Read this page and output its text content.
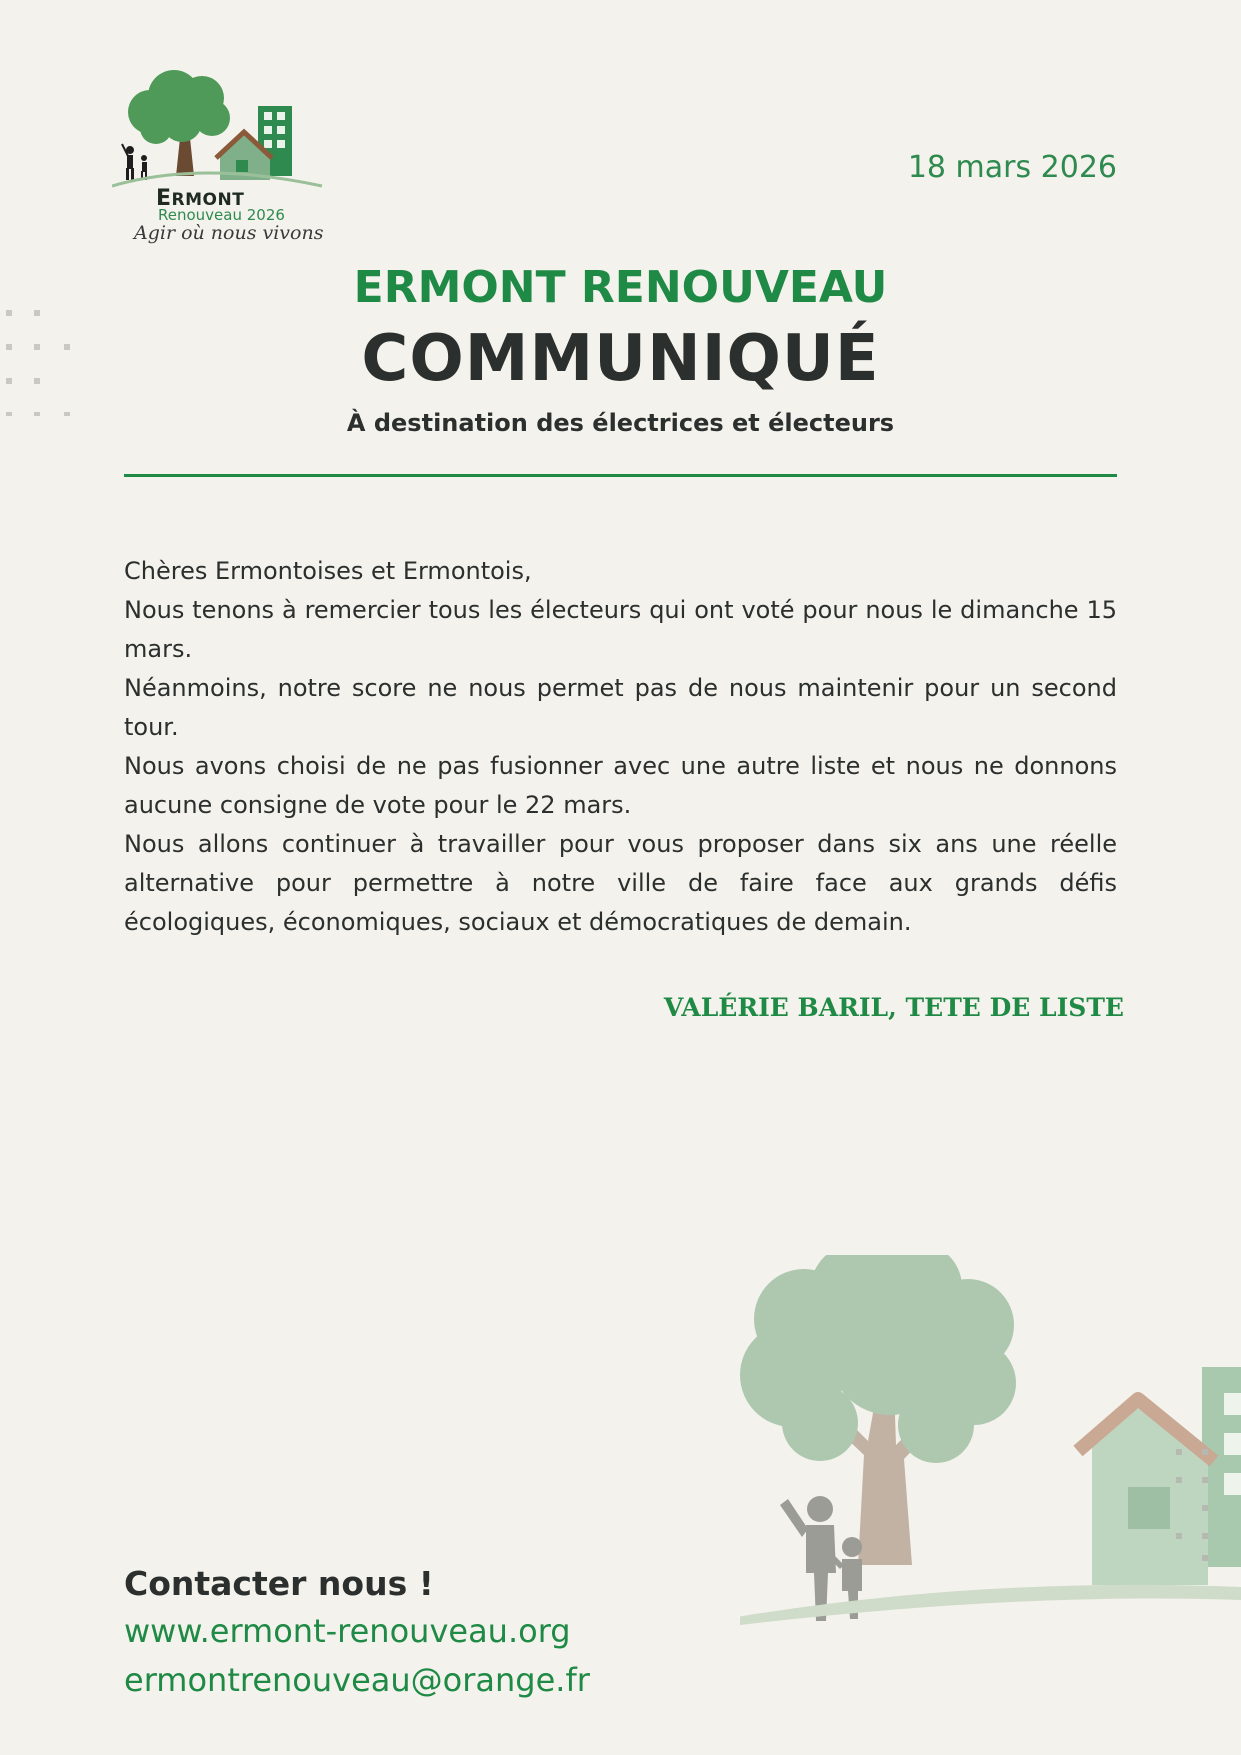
ERMONT
Renouveau 2026
Agir où nous vivons
18 mars 2026
ERMONT RENOUVEAU
COMMUNIQUÉ
À destination des électrices et électeurs

Chères Ermontoises et Ermontois,

Nous tenons à remercier tous les électeurs qui ont voté pour nous le dimanche 15 mars.

Néanmoins, notre score ne nous permet pas de nous maintenir pour un second tour.

Nous avons choisi de ne pas fusionner avec une autre liste et nous ne donnons aucune consigne de vote pour le 22 mars.

Nous allons continuer à travailler pour vous proposer dans six ans une réelle alternative pour permettre à notre ville de faire face aux grands défis écologiques, économiques, sociaux et démocratiques de demain.

VALÉRIE BARIL, TETE DE LISTE
Contacter nous !
www.ermont-renouveau.org
ermontrenouveau@orange.fr
